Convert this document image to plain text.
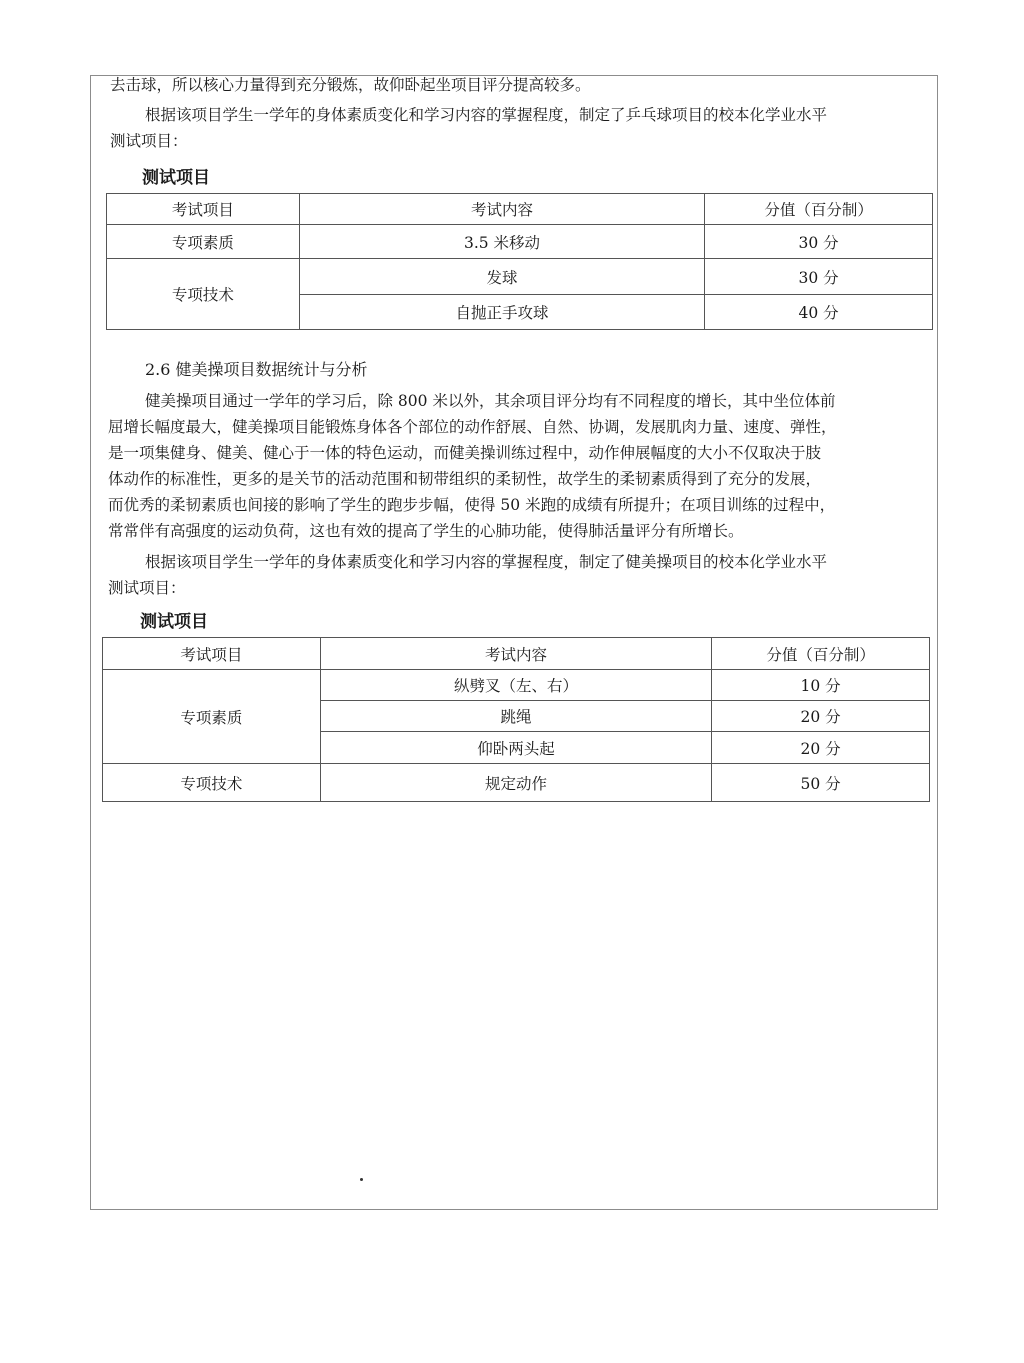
去击球，所以核心力量得到充分锻炼，故仰卧起坐项目评分提高较多。

根据该项目学生一学年的身体素质变化和学习内容的掌握程度，制定了乒乓球项目的校本化学业水平

测试项目：

测试项目

考试项目	考试内容	分值（百分制）
专项素质	3.5 米移动	30 分
专项技术	发球	30 分
	自抛正手攻球	40 分

2.6 健美操项目数据统计与分析

健美操项目通过一学年的学习后，除 800 米以外，其余项目评分均有不同程度的增长，其中坐位体前

屈增长幅度最大，健美操项目能锻炼身体各个部位的动作舒展、自然、协调，发展肌肉力量、速度、弹性，

是一项集健身、健美、健心于一体的特色运动，而健美操训练过程中，动作伸展幅度的大小不仅取决于肢

体动作的标准性，更多的是关节的活动范围和韧带组织的柔韧性，故学生的柔韧素质得到了充分的发展，

而优秀的柔韧素质也间接的影响了学生的跑步步幅，使得 50 米跑的成绩有所提升；在项目训练的过程中，

常常伴有高强度的运动负荷，这也有效的提高了学生的心肺功能，使得肺活量评分有所增长。

根据该项目学生一学年的身体素质变化和学习内容的掌握程度，制定了健美操项目的校本化学业水平

测试项目：

测试项目

考试项目	考试内容	分值（百分制）
专项素质	纵劈叉（左、右）	10 分
	跳绳	20 分
	仰卧两头起	20 分
专项技术	规定动作	50 分
